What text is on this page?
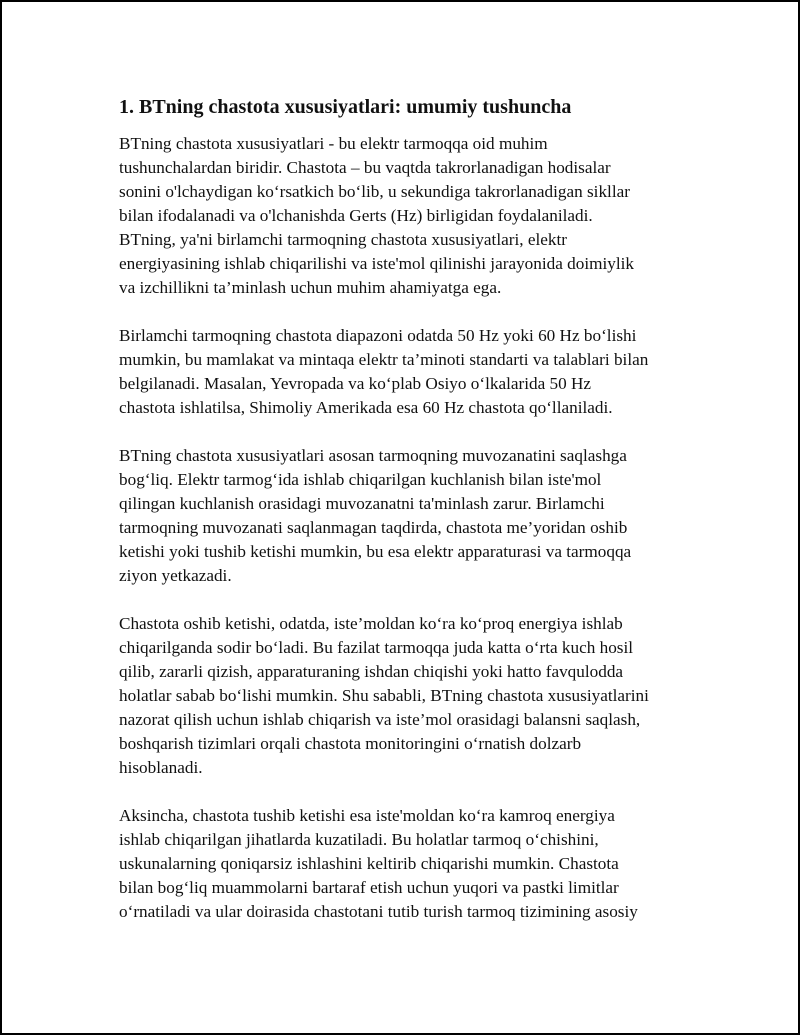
1. BTning chastota xususiyatlari: umumiy tushuncha
BTning chastota xususiyatlari - bu elektr tarmoqqa oid muhim
tushunchalardan biridir. Chastota – bu vaqtda takrorlanadigan hodisalar
sonini o'lchaydigan ko‘rsatkich bo‘lib, u sekundiga takrorlanadigan sikllar
bilan ifodalanadi va o'lchanishda Gerts (Hz) birligidan foydalaniladi.
BTning, ya'ni birlamchi tarmoqning chastota xususiyatlari, elektr
energiyasining ishlab chiqarilishi va iste'mol qilinishi jarayonida doimiylik
va izchillikni ta’minlash uchun muhim ahamiyatga ega.
Birlamchi tarmoqning chastota diapazoni odatda 50 Hz yoki 60 Hz bo‘lishi
mumkin, bu mamlakat va mintaqa elektr ta’minoti standarti va talablari bilan
belgilanadi. Masalan, Yevropada va ko‘plab Osiyo o‘lkalarida 50 Hz
chastota ishlatilsa, Shimoliy Amerikada esa 60 Hz chastota qo‘llaniladi.
BTning chastota xususiyatlari asosan tarmoqning muvozanatini saqlashga
bog‘liq. Elektr tarmog‘ida ishlab chiqarilgan kuchlanish bilan iste'mol
qilingan kuchlanish orasidagi muvozanatni ta'minlash zarur. Birlamchi
tarmoqning muvozanati saqlanmagan taqdirda, chastota me’yoridan oshib
ketishi yoki tushib ketishi mumkin, bu esa elektr apparaturasi va tarmoqqa
ziyon yetkazadi.
Chastota oshib ketishi, odatda, iste’moldan ko‘ra ko‘proq energiya ishlab
chiqarilganda sodir bo‘ladi. Bu fazilat tarmoqqa juda katta o‘rta kuch hosil
qilib, zararli qizish, apparaturaning ishdan chiqishi yoki hatto favqulodda
holatlar sabab bo‘lishi mumkin. Shu sababli, BTning chastota xususiyatlarini
nazorat qilish uchun ishlab chiqarish va iste’mol orasidagi balansni saqlash,
boshqarish tizimlari orqali chastota monitoringini o‘rnatish dolzarb
hisoblanadi.
Aksincha, chastota tushib ketishi esa iste'moldan ko‘ra kamroq energiya
ishlab chiqarilgan jihatlarda kuzatiladi. Bu holatlar tarmoq o‘chishini,
uskunalarning qoniqarsiz ishlashini keltirib chiqarishi mumkin. Chastota
bilan bog‘liq muammolarni bartaraf etish uchun yuqori va pastki limitlar
o‘rnatiladi va ular doirasida chastotani tutib turish tarmoq tizimining asosiy
